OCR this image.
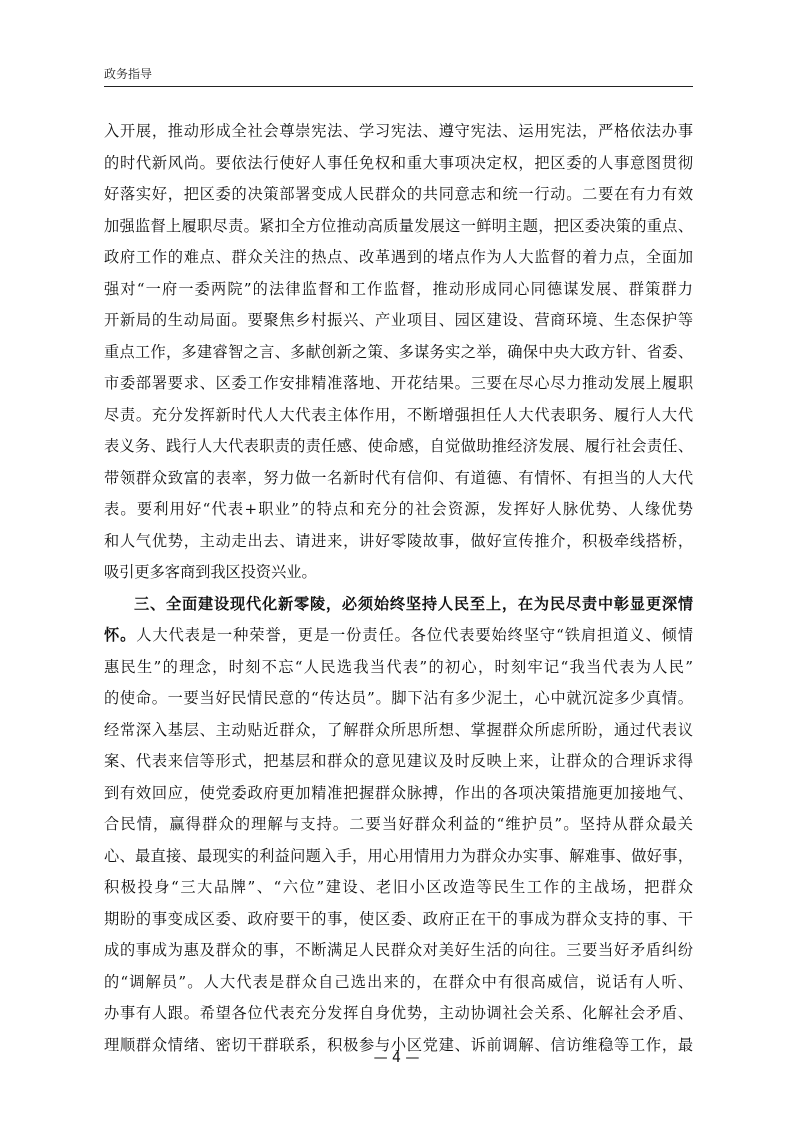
政务指导
入开展，推动形成全社会尊崇宪法、学习宪法、遵守宪法、运用宪法，严格依法办事
的时代新风尚。要依法行使好人事任免权和重大事项决定权，把区委的人事意图贯彻
好落实好，把区委的决策部署变成人民群众的共同意志和统一行动。二要在有力有效
加强监督上履职尽责。紧扣全方位推动高质量发展这一鲜明主题，把区委决策的重点、
政府工作的难点、群众关注的热点、改革遇到的堵点作为人大监督的着力点，全面加
强对“一府一委两院”的法律监督和工作监督，推动形成同心同德谋发展、群策群力
开新局的生动局面。要聚焦乡村振兴、产业项目、园区建设、营商环境、生态保护等
重点工作，多建睿智之言、多献创新之策、多谋务实之举，确保中央大政方针、省委、
市委部署要求、区委工作安排精准落地、开花结果。三要在尽心尽力推动发展上履职
尽责。充分发挥新时代人大代表主体作用，不断增强担任人大代表职务、履行人大代
表义务、践行人大代表职责的责任感、使命感，自觉做助推经济发展、履行社会责任、
带领群众致富的表率，努力做一名新时代有信仰、有道德、有情怀、有担当的人大代
表。要利用好“代表+职业”的特点和充分的社会资源，发挥好人脉优势、人缘优势
和人气优势，主动走出去、请进来，讲好零陵故事，做好宣传推介，积极牵线搭桥，
吸引更多客商到我区投资兴业。
三、全面建设现代化新零陵，必须始终坚持人民至上，在为民尽责中彰显更深情
怀。人大代表是一种荣誉，更是一份责任。各位代表要始终坚守“铁肩担道义、倾情
惠民生”的理念，时刻不忘“人民选我当代表”的初心，时刻牢记“我当代表为人民”
的使命。一要当好民情民意的“传达员”。脚下沾有多少泥土，心中就沉淀多少真情。
经常深入基层、主动贴近群众，了解群众所思所想、掌握群众所虑所盼，通过代表议
案、代表来信等形式，把基层和群众的意见建议及时反映上来，让群众的合理诉求得
到有效回应，使党委政府更加精准把握群众脉搏，作出的各项决策措施更加接地气、
合民情，赢得群众的理解与支持。二要当好群众利益的“维护员”。坚持从群众最关
心、最直接、最现实的利益问题入手，用心用情用力为群众办实事、解难事、做好事，
积极投身“三大品牌”、“六位”建设、老旧小区改造等民生工作的主战场，把群众
期盼的事变成区委、政府要干的事，使区委、政府正在干的事成为群众支持的事、干
成的事成为惠及群众的事，不断满足人民群众对美好生活的向往。三要当好矛盾纠纷
的“调解员”。人大代表是群众自己选出来的，在群众中有很高威信，说话有人听、
办事有人跟。希望各位代表充分发挥自身优势，主动协调社会关系、化解社会矛盾、
理顺群众情绪、密切干群联系，积极参与小区党建、诉前调解、信访维稳等工作，最
— 4 —
